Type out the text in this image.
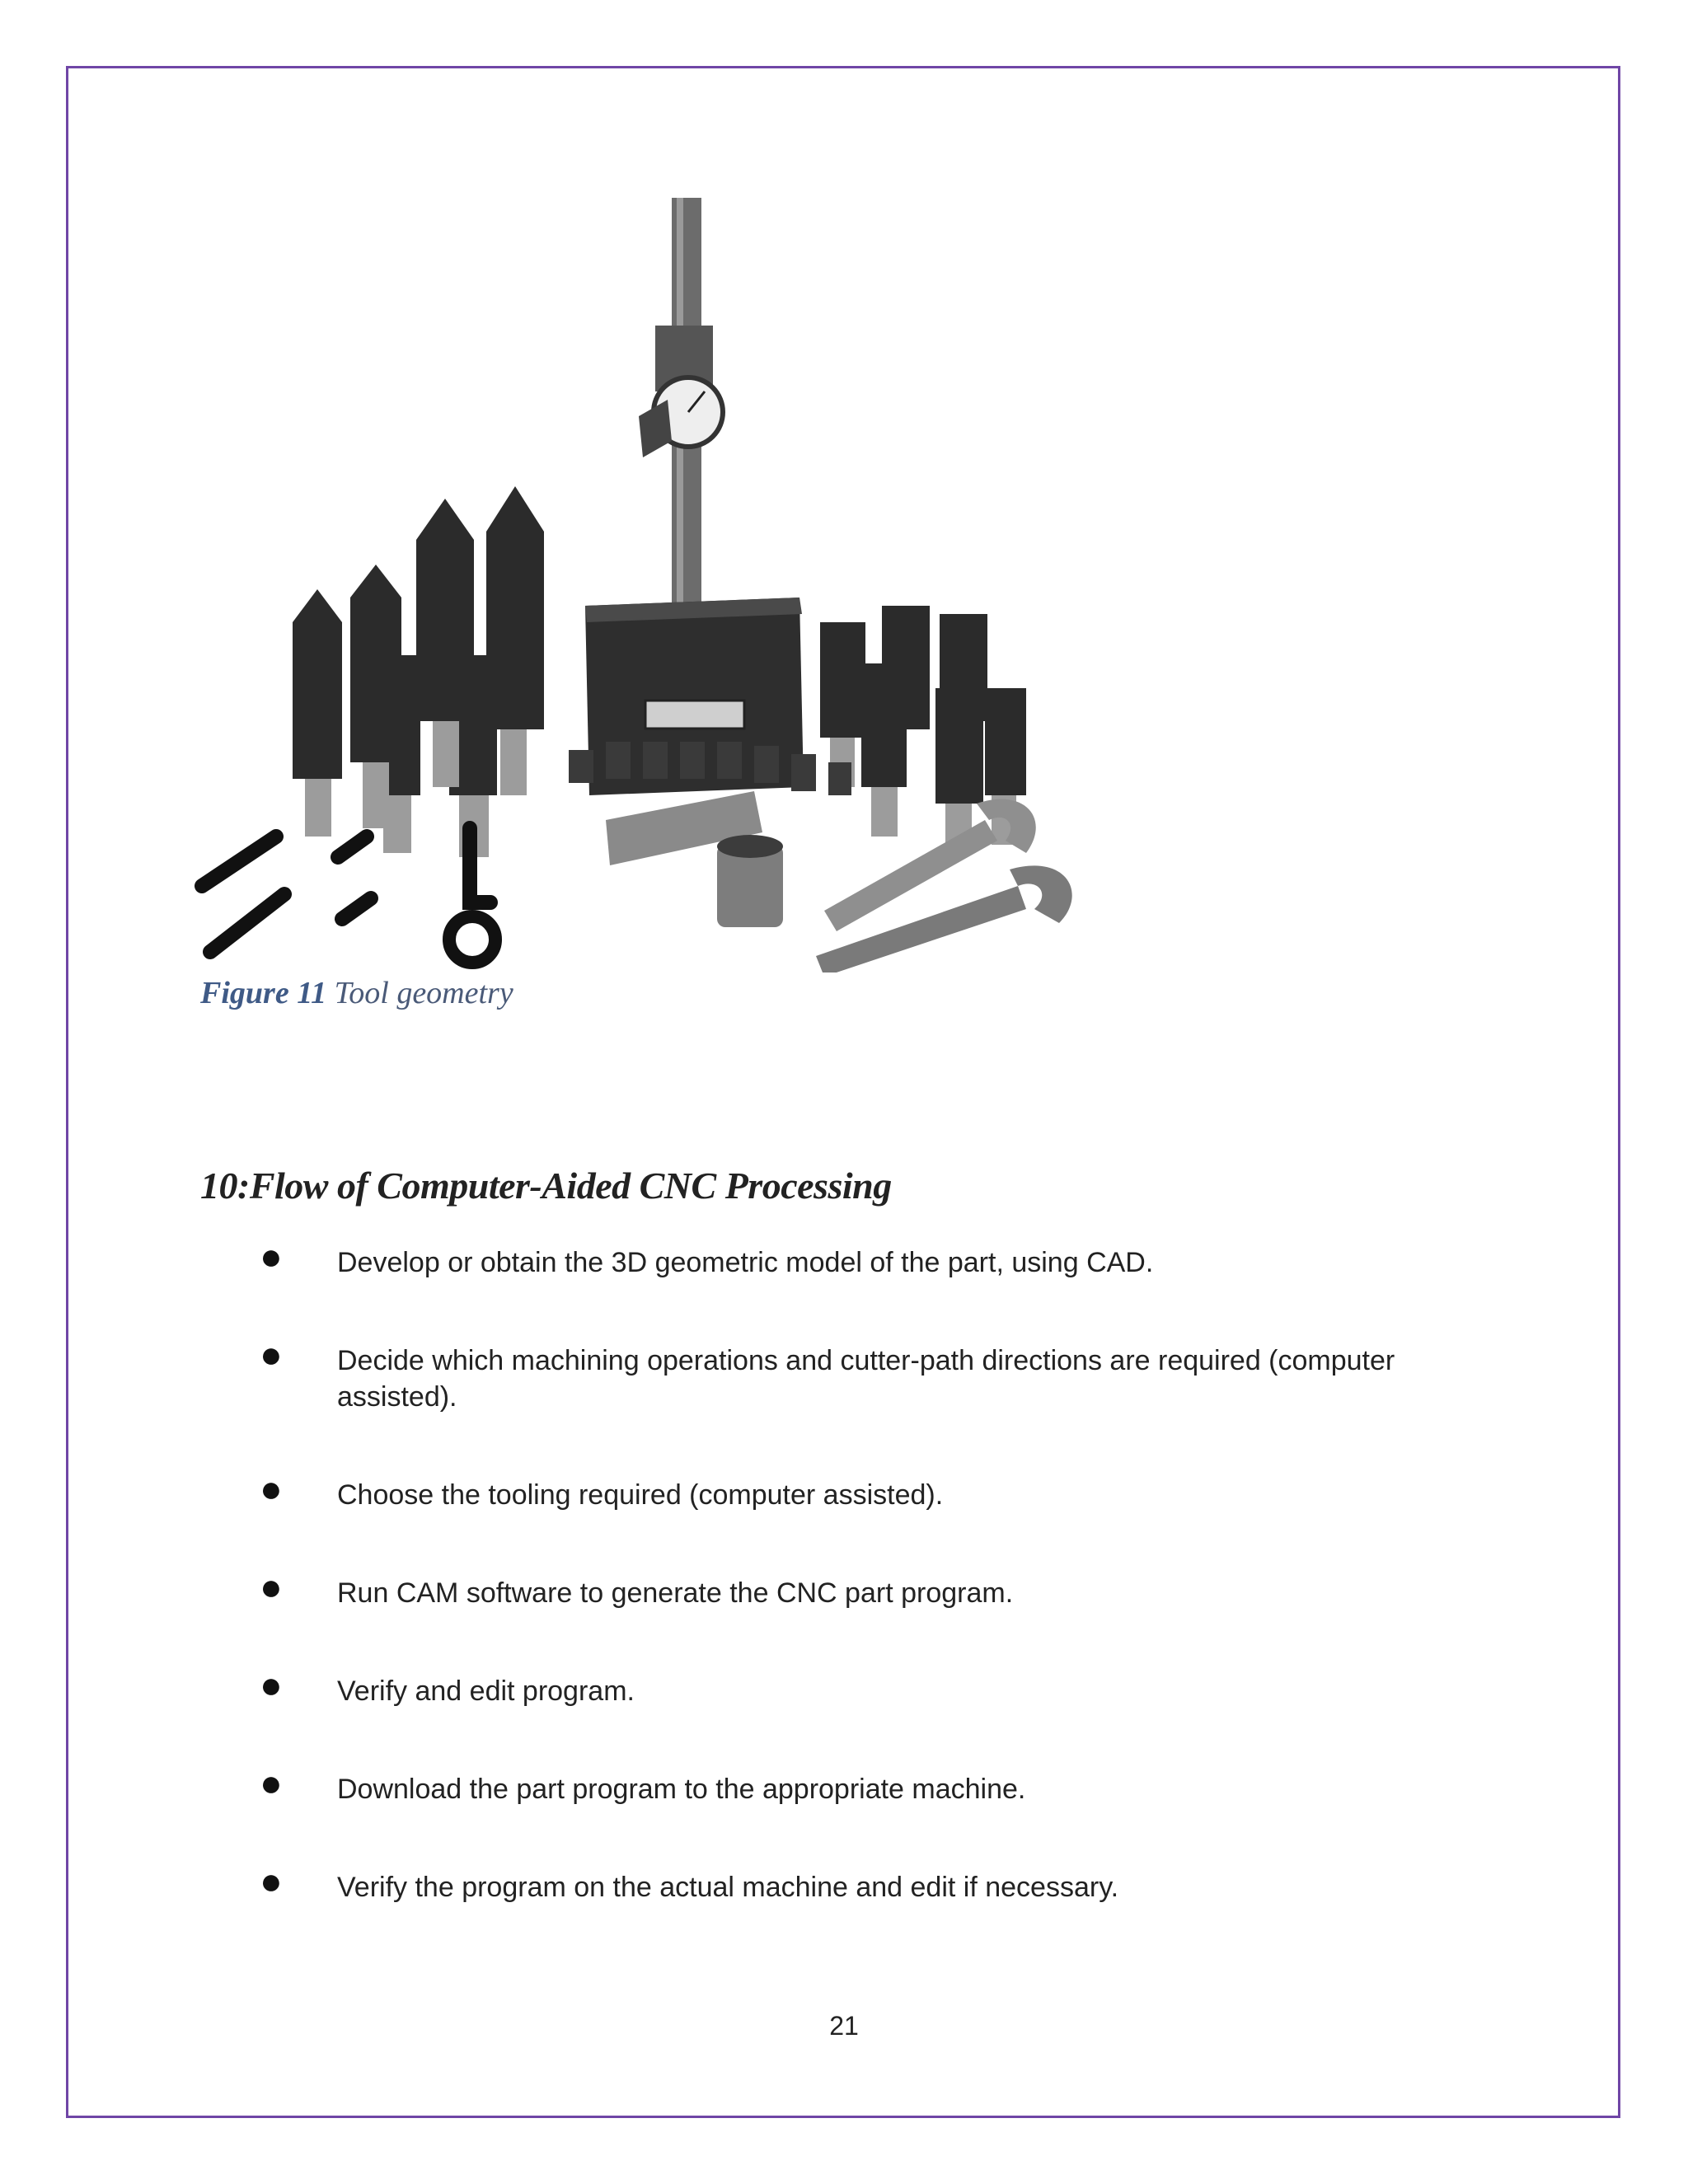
Figure 11 Tool geometry
10:Flow of Computer-Aided CNC Processing
● Develop or obtain the 3D geometric model of the part, using CAD.
● Decide which machining operations and cutter-path directions are required (computer assisted).
● Choose the tooling required (computer assisted).
● Run CAM software to generate the CNC part program.
● Verify and edit program.
● Download the part program to the appropriate machine.
● Verify the program on the actual machine and edit if necessary.
21
